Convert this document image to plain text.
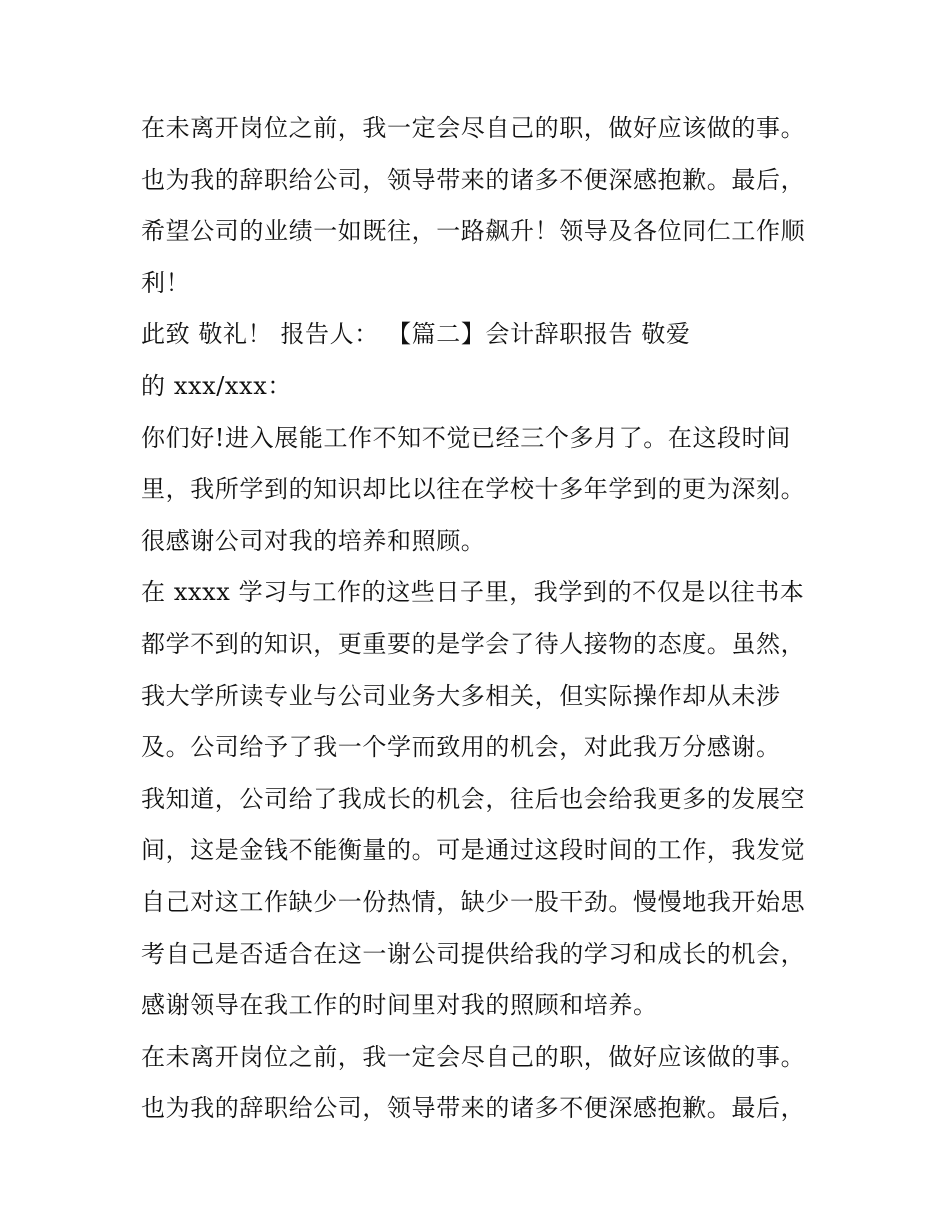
在未离开岗位之前，我一定会尽自己的职，做好应该做的事。
也为我的辞职给公司，领导带来的诸多不便深感抱歉。最后，
希望公司的业绩一如既往，一路飙升！领导及各位同仁工作顺
利！
此致 敬礼！ 报告人： 【篇二】会计辞职报告 敬爱
的 xxx/xxx：
你们好!进入展能工作不知不觉已经三个多月了。在这段时间
里，我所学到的知识却比以往在学校十多年学到的更为深刻。
很感谢公司对我的培养和照顾。
在 xxxx 学习与工作的这些日子里，我学到的不仅是以往书本
都学不到的知识，更重要的是学会了待人接物的态度。虽然，
我大学所读专业与公司业务大多相关，但实际操作却从未涉
及。公司给予了我一个学而致用的机会，对此我万分感谢。
我知道，公司给了我成长的机会，往后也会给我更多的发展空
间，这是金钱不能衡量的。可是通过这段时间的工作，我发觉
自己对这工作缺少一份热情，缺少一股干劲。慢慢地我开始思
考自己是否适合在这一谢公司提供给我的学习和成长的机会，
感谢领导在我工作的时间里对我的照顾和培养。
在未离开岗位之前，我一定会尽自己的职，做好应该做的事。
也为我的辞职给公司，领导带来的诸多不便深感抱歉。最后，
